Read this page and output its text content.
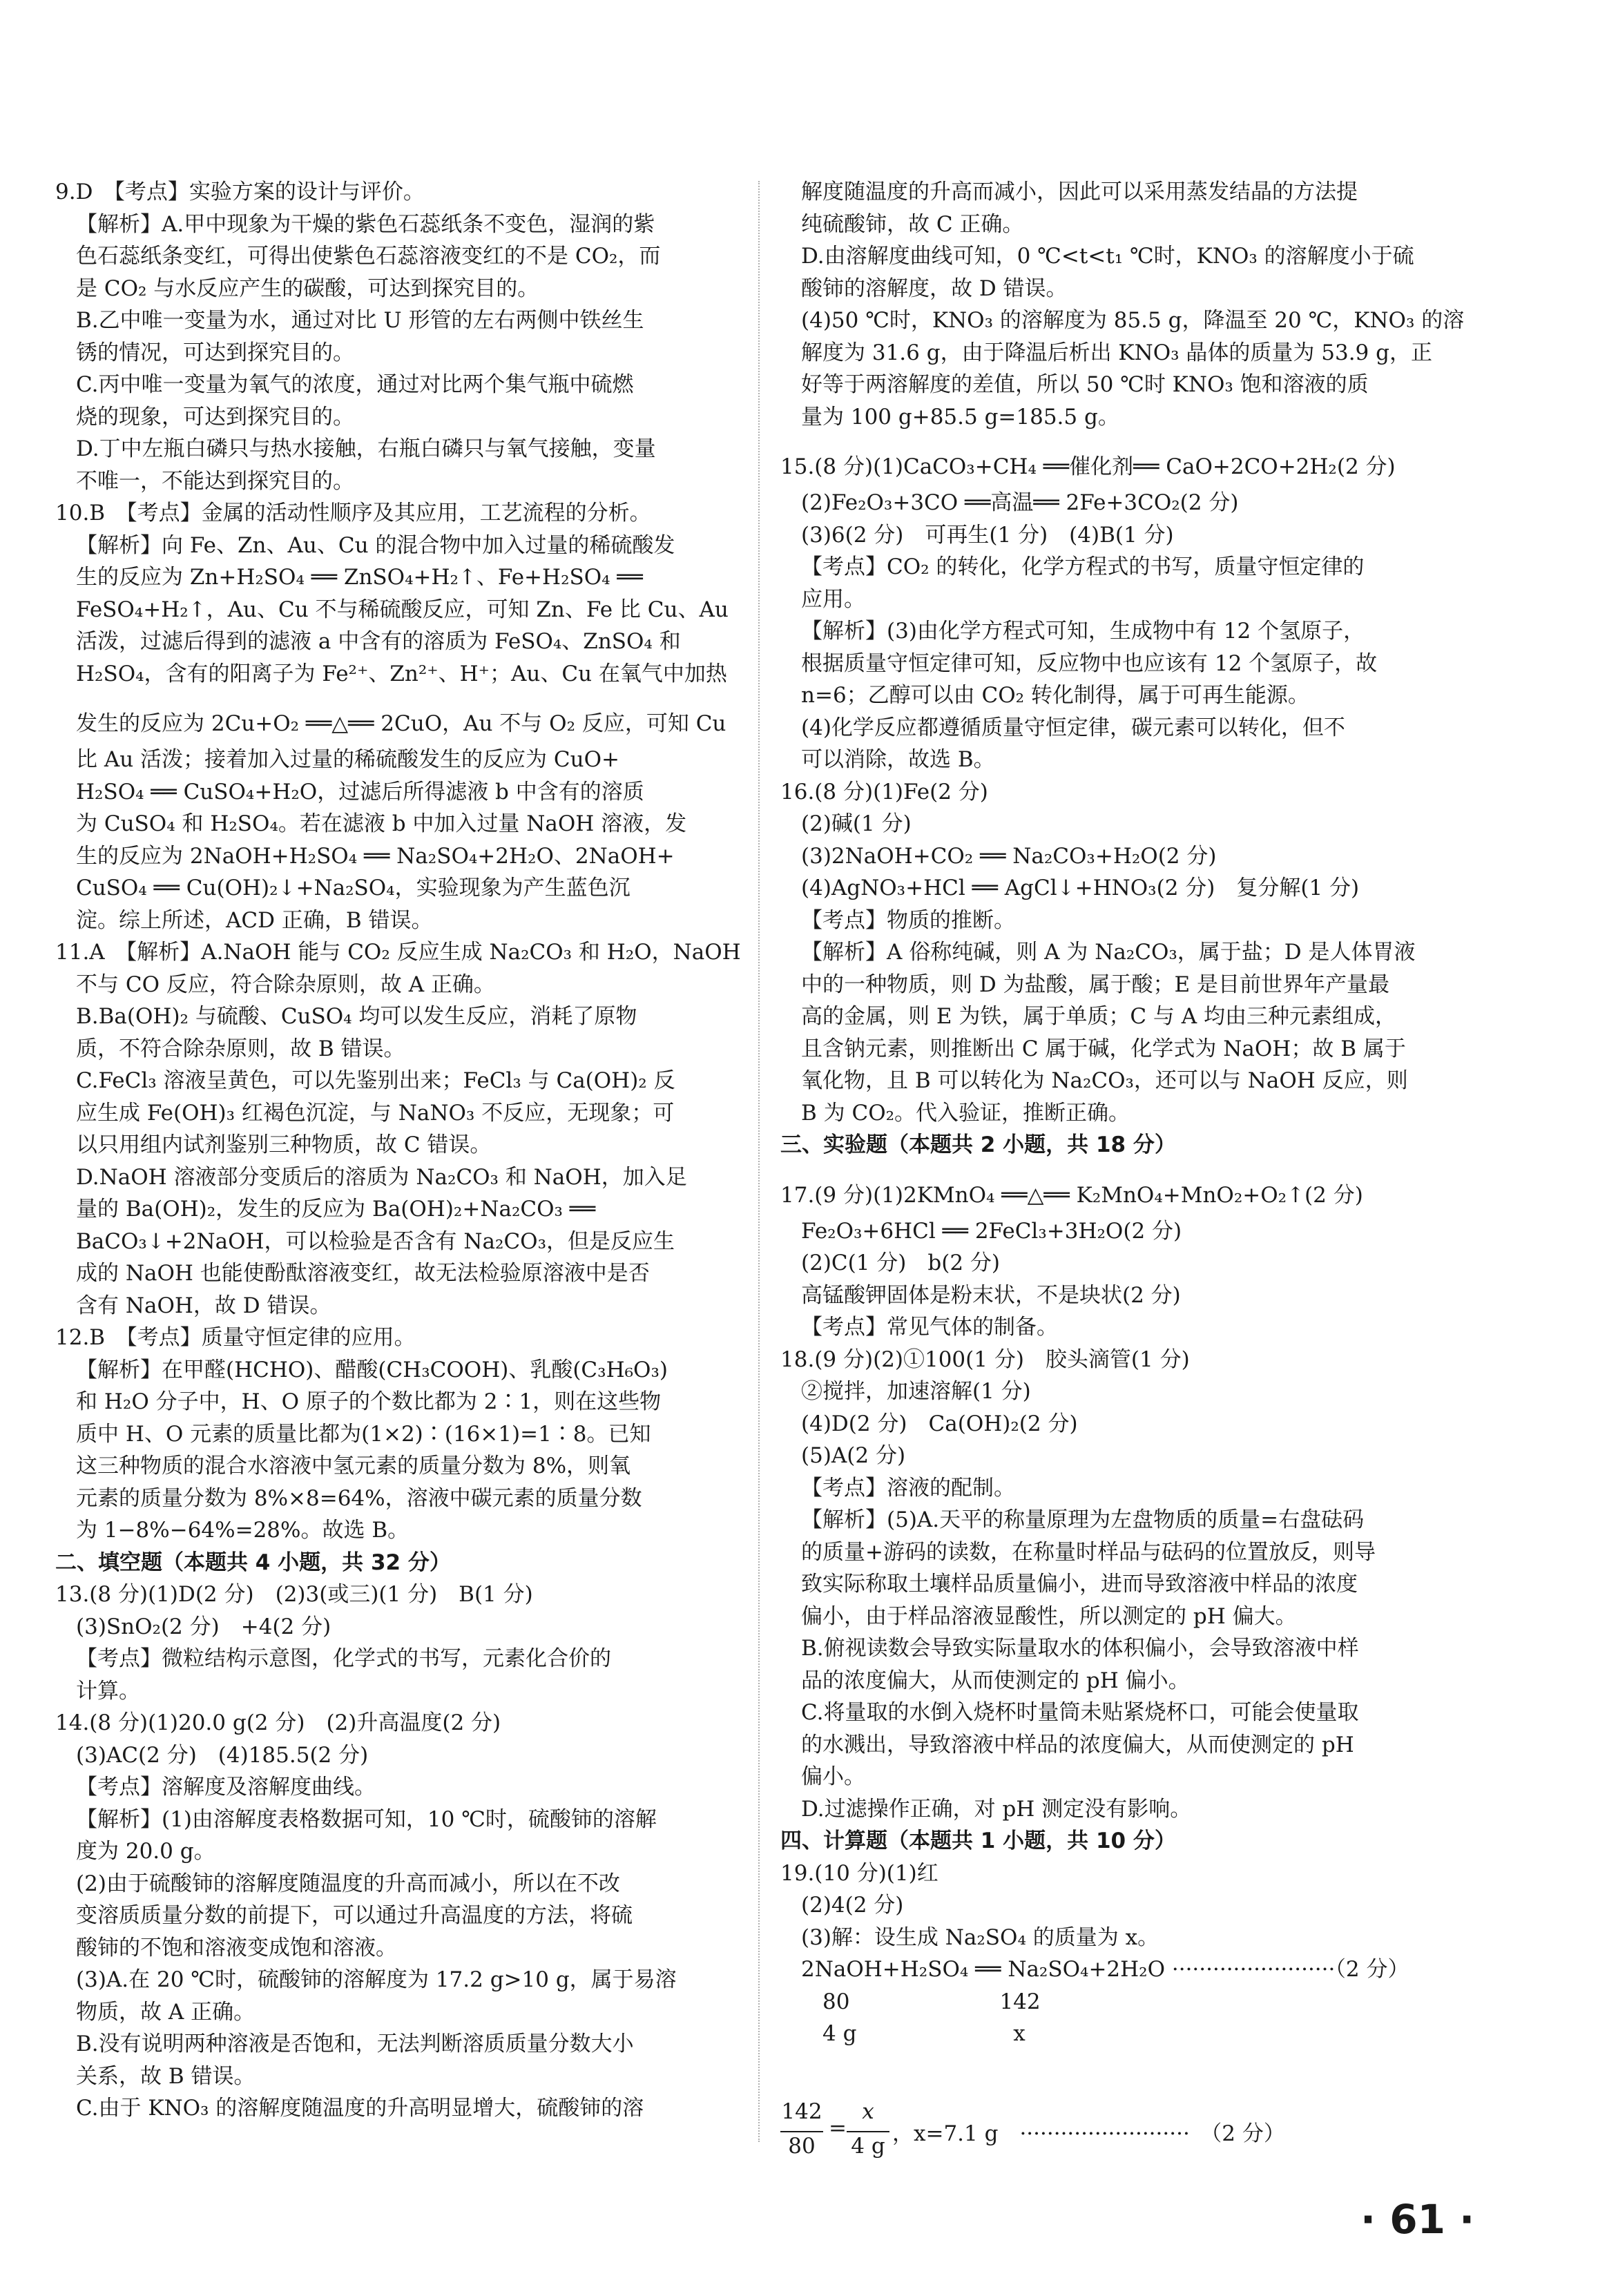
9.D　【考点】实验方案的设计与评价。
【解析】A.甲中现象为干燥的紫色石蕊纸条不变色，湿润的紫
色石蕊纸条变红，可得出使紫色石蕊溶液变红的不是 CO₂，而
是 CO₂ 与水反应产生的碳酸，可达到探究目的。
B.乙中唯一变量为水，通过对比 U 形管的左右两侧中铁丝生
锈的情况，可达到探究目的。
C.丙中唯一变量为氧气的浓度，通过对比两个集气瓶中硫燃
烧的现象，可达到探究目的。
D.丁中左瓶白磷只与热水接触，右瓶白磷只与氧气接触，变量
不唯一，不能达到探究目的。
10.B　【考点】金属的活动性顺序及其应用，工艺流程的分析。
【解析】向 Fe、Zn、Au、Cu 的混合物中加入过量的稀硫酸发
生的反应为 Zn+H₂SO₄ ══ ZnSO₄+H₂↑、Fe+H₂SO₄ ══
FeSO₄+H₂↑，Au、Cu 不与稀硫酸反应，可知 Zn、Fe 比 Cu、Au
活泼，过滤后得到的滤液 a 中含有的溶质为 FeSO₄、ZnSO₄ 和
H₂SO₄，含有的阳离子为 Fe²⁺、Zn²⁺、H⁺；Au、Cu 在氧气中加热
发生的反应为 2Cu+O₂ ══△══ 2CuO，Au 不与 O₂ 反应，可知 Cu
比 Au 活泼；接着加入过量的稀硫酸发生的反应为 CuO+
H₂SO₄ ══ CuSO₄+H₂O，过滤后所得滤液 b 中含有的溶质
为 CuSO₄ 和 H₂SO₄。若在滤液 b 中加入过量 NaOH 溶液，发
生的反应为 2NaOH+H₂SO₄ ══ Na₂SO₄+2H₂O、2NaOH+
CuSO₄ ══ Cu(OH)₂↓+Na₂SO₄，实验现象为产生蓝色沉
淀。综上所述，ACD 正确，B 错误。
11.A　【解析】A.NaOH 能与 CO₂ 反应生成 Na₂CO₃ 和 H₂O，NaOH
不与 CO 反应，符合除杂原则，故 A 正确。
B.Ba(OH)₂ 与硫酸、CuSO₄ 均可以发生反应，消耗了原物
质，不符合除杂原则，故 B 错误。
C.FeCl₃ 溶液呈黄色，可以先鉴别出来；FeCl₃ 与 Ca(OH)₂ 反
应生成 Fe(OH)₃ 红褐色沉淀，与 NaNO₃ 不反应，无现象；可
以只用组内试剂鉴别三种物质，故 C 错误。
D.NaOH 溶液部分变质后的溶质为 Na₂CO₃ 和 NaOH，加入足
量的 Ba(OH)₂，发生的反应为 Ba(OH)₂+Na₂CO₃ ══
BaCO₃↓+2NaOH，可以检验是否含有 Na₂CO₃，但是反应生
成的 NaOH 也能使酚酞溶液变红，故无法检验原溶液中是否
含有 NaOH，故 D 错误。
12.B　【考点】质量守恒定律的应用。
【解析】在甲醛(HCHO)、醋酸(CH₃COOH)、乳酸(C₃H₆O₃)
和 H₂O 分子中，H、O 原子的个数比都为 2∶1，则在这些物
质中 H、O 元素的质量比都为(1×2)∶(16×1)=1∶8。已知
这三种物质的混合水溶液中氢元素的质量分数为 8%，则氧
元素的质量分数为 8%×8=64%，溶液中碳元素的质量分数
为 1−8%−64%=28%。故选 B。
二、填空题（本题共 4 小题，共 32 分）
13.(8 分)(1)D(2 分)　(2)3(或三)(1 分)　B(1 分)
(3)SnO₂(2 分)　+4(2 分)
【考点】微粒结构示意图，化学式的书写，元素化合价的
计算。
14.(8 分)(1)20.0 g(2 分)　(2)升高温度(2 分)
(3)AC(2 分)　(4)185.5(2 分)
【考点】溶解度及溶解度曲线。
【解析】(1)由溶解度表格数据可知，10 ℃时，硫酸铈的溶解
度为 20.0 g。
(2)由于硫酸铈的溶解度随温度的升高而减小，所以在不改
变溶质质量分数的前提下，可以通过升高温度的方法，将硫
酸铈的不饱和溶液变成饱和溶液。
(3)A.在 20 ℃时，硫酸铈的溶解度为 17.2 g>10 g，属于易溶
物质，故 A 正确。
B.没有说明两种溶液是否饱和，无法判断溶质质量分数大小
关系，故 B 错误。
C.由于 KNO₃ 的溶解度随温度的升高明显增大，硫酸铈的溶
解度随温度的升高而减小，因此可以采用蒸发结晶的方法提
纯硫酸铈，故 C 正确。
D.由溶解度曲线可知，0 ℃<t<t₁ ℃时，KNO₃ 的溶解度小于硫
酸铈的溶解度，故 D 错误。
(4)50 ℃时，KNO₃ 的溶解度为 85.5 g，降温至 20 ℃，KNO₃ 的溶
解度为 31.6 g，由于降温后析出 KNO₃ 晶体的质量为 53.9 g，正
好等于两溶解度的差值，所以 50 ℃时 KNO₃ 饱和溶液的质
量为 100 g+85.5 g=185.5 g。
15.(8 分)(1)CaCO₃+CH₄ ══催化剂══ CaO+2CO+2H₂(2 分)
(2)Fe₂O₃+3CO ══高温══ 2Fe+3CO₂(2 分)
(3)6(2 分)　可再生(1 分)　(4)B(1 分)
【考点】CO₂ 的转化，化学方程式的书写，质量守恒定律的
应用。
【解析】(3)由化学方程式可知，生成物中有 12 个氢原子，
根据质量守恒定律可知，反应物中也应该有 12 个氢原子，故
n=6；乙醇可以由 CO₂ 转化制得，属于可再生能源。
(4)化学反应都遵循质量守恒定律，碳元素可以转化，但不
可以消除，故选 B。
16.(8 分)(1)Fe(2 分)
(2)碱(1 分)
(3)2NaOH+CO₂ ══ Na₂CO₃+H₂O(2 分)
(4)AgNO₃+HCl ══ AgCl↓+HNO₃(2 分)　复分解(1 分)
【考点】物质的推断。
【解析】A 俗称纯碱，则 A 为 Na₂CO₃，属于盐；D 是人体胃液
中的一种物质，则 D 为盐酸，属于酸；E 是目前世界年产量最
高的金属，则 E 为铁，属于单质；C 与 A 均由三种元素组成，
且含钠元素，则推断出 C 属于碱，化学式为 NaOH；故 B 属于
氧化物，且 B 可以转化为 Na₂CO₃，还可以与 NaOH 反应，则
B 为 CO₂。代入验证，推断正确。
三、实验题（本题共 2 小题，共 18 分）
17.(9 分)(1)2KMnO₄ ══△══ K₂MnO₄+MnO₂+O₂↑(2 分)
Fe₂O₃+6HCl ══ 2FeCl₃+3H₂O(2 分)
(2)C(1 分)　b(2 分)
高锰酸钾固体是粉末状，不是块状(2 分)
【考点】常见气体的制备。
18.(9 分)(2)①100(1 分)　胶头滴管(1 分)
②搅拌，加速溶解(1 分)
(4)D(2 分)　Ca(OH)₂(2 分)
(5)A(2 分)
【考点】溶液的配制。
【解析】(5)A.天平的称量原理为左盘物质的质量=右盘砝码
的质量+游码的读数，在称量时样品与砝码的位置放反，则导
致实际称取土壤样品质量偏小，进而导致溶液中样品的浓度
偏小，由于样品溶液显酸性，所以测定的 pH 偏大。
B.俯视读数会导致实际量取水的体积偏小，会导致溶液中样
品的浓度偏大，从而使测定的 pH 偏小。
C.将量取的水倒入烧杯时量筒未贴紧烧杯口，可能会使量取
的水溅出，导致溶液中样品的浓度偏大，从而使测定的 pH
偏小。
D.过滤操作正确，对 pH 测定没有影响。
四、计算题（本题共 1 小题，共 10 分）
19.(10 分)(1)红
(2)4(2 分)
(3)解：设生成 Na₂SO₄ 的质量为 x。
2NaOH+H₂SO₄ ══ Na₂SO₄+2H₂O ························（2 分）
　80　　　　　　　142
　4 g　　　　　　　 x
142
80
=
x
4 g ，x=7.1 g　·························　（2 分）
· 61 ·
